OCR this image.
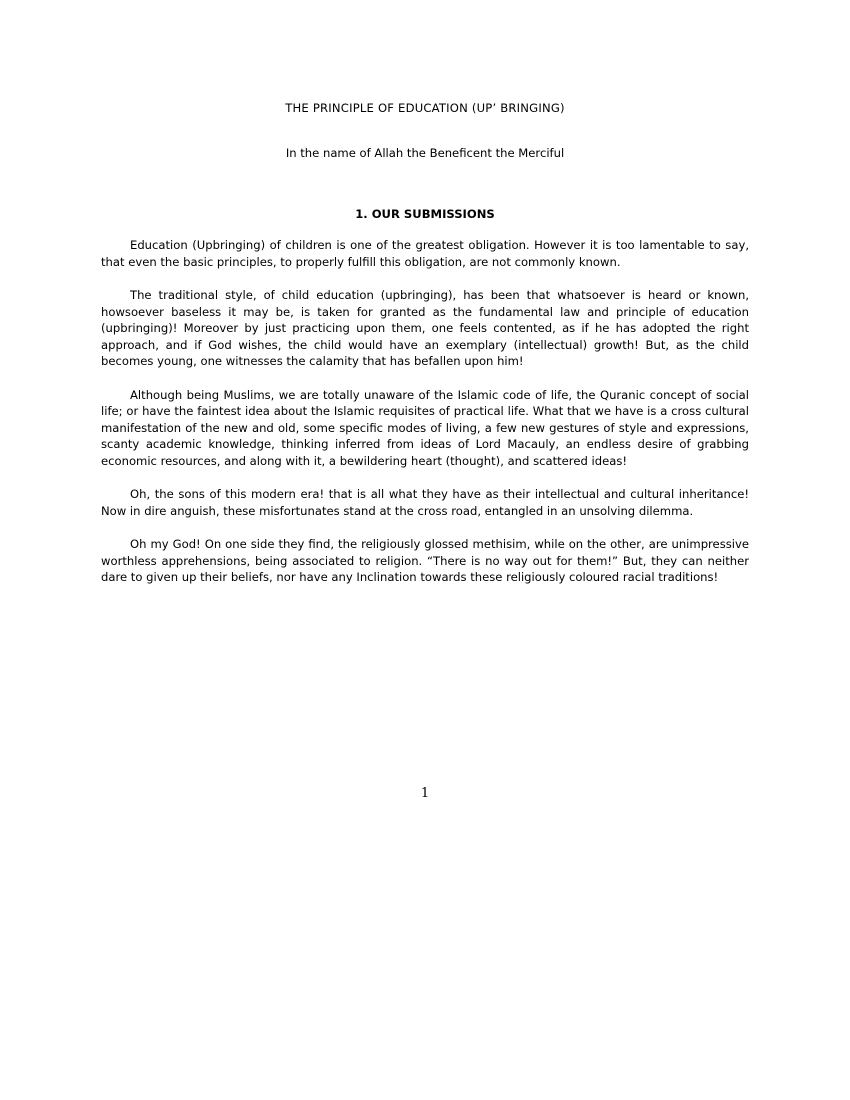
THE PRINCIPLE OF EDUCATION (UP’ BRINGING)
In the name of Allah the Beneficent the Merciful
1. OUR SUBMISSIONS

Education (Upbringing) of children is one of the greatest obligation. However it is too lamentable to say, that even the basic principles, to properly fulfill this obligation, are not commonly known.

The traditional style, of child education (upbringing), has been that whatsoever is heard or known, howsoever baseless it may be, is taken for granted as the fundamental law and principle of education (upbringing)! Moreover by just practicing upon them, one feels contented, as if he has adopted the right approach, and if God wishes, the child would have an exemplary (intellectual) growth! But, as the child becomes young, one witnesses the calamity that has befallen upon him!

Although being Muslims, we are totally unaware of the Islamic code of life, the Quranic concept of social life; or have the faintest idea about the Islamic requisites of practical life. What that we have is a cross cultural manifestation of the new and old, some specific modes of living, a few new gestures of style and expressions, scanty academic knowledge, thinking inferred from ideas of Lord Macauly, an endless desire of grabbing economic resources, and along with it, a bewildering heart (thought), and scattered ideas!

Oh, the sons of this modern era! that is all what they have as their intellectual and cultural inheritance! Now in dire anguish, these misfortunates stand at the cross road, entangled in an unsolving dilemma.

Oh my God! On one side they find, the religiously glossed methisim, while on the other, are unimpressive worthless apprehensions, being associated to religion. “There is no way out for them!” But, they can neither dare to given up their beliefs, nor have any Inclination towards these religiously coloured racial traditions!

1
